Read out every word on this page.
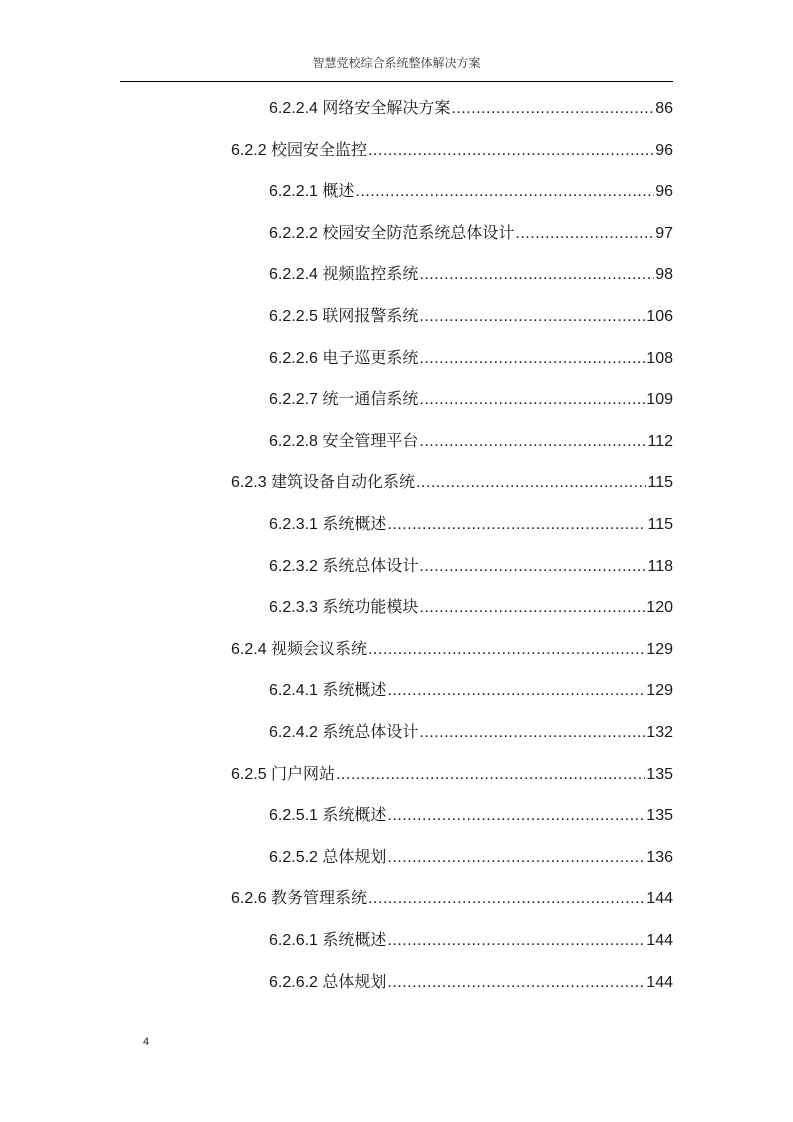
智慧党校综合系统整体解决方案
6.2.2.4 网络安全解决方案 .....	86
6.2.2 校园安全监控 .....	96
6.2.2.1 概述 .....	96
6.2.2.2 校园安全防范系统总体设计 .....	97
6.2.2.4 视频监控系统 .....	98
6.2.2.5 联网报警系统 .....	106
6.2.2.6 电子巡更系统 .....	108
6.2.2.7 统一通信系统 .....	109
6.2.2.8 安全管理平台 .....	112
6.2.3 建筑设备自动化系统 .....	115
6.2.3.1 系统概述 .....	115
6.2.3.2 系统总体设计 .....	118
6.2.3.3 系统功能模块 .....	120
6.2.4 视频会议系统 .....	129
6.2.4.1 系统概述 .....	129
6.2.4.2 系统总体设计 .....	132
6.2.5 门户网站 .....	135
6.2.5.1 系统概述 .....	135
6.2.5.2 总体规划 .....	136
6.2.6 教务管理系统 .....	144
6.2.6.1 系统概述 .....	144
6.2.6.2 总体规划 .....	144
4
